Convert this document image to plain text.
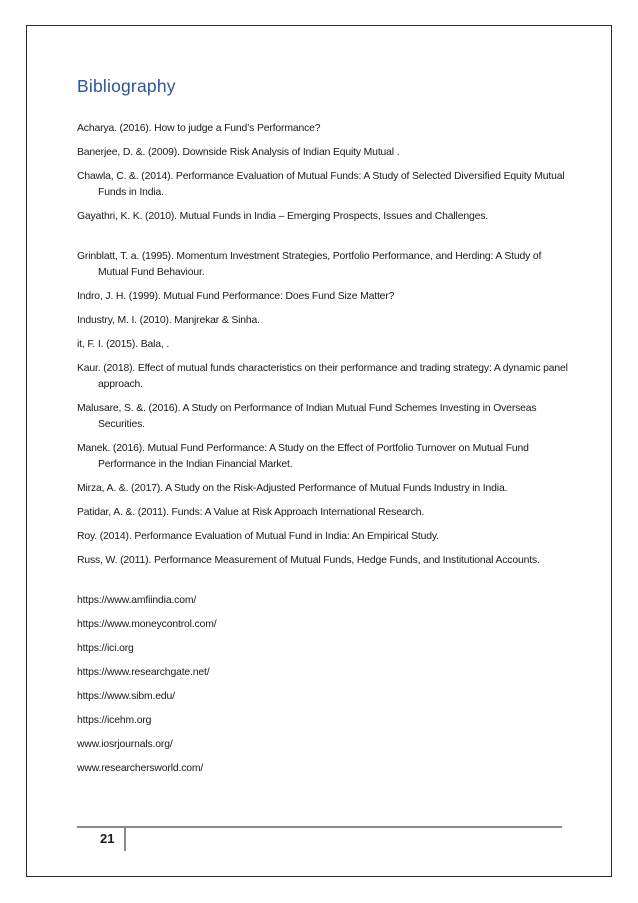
Bibliography
Acharya. (2016). How to judge a Fund’s Performance?
Banerjee, D. &. (2009). Downside Risk Analysis of Indian Equity Mutual .
Chawla, C. &. (2014). Performance Evaluation of Mutual Funds: A Study of Selected Diversified Equity Mutual Funds in India.
Gayathri, K. K. (2010). Mutual Funds in India – Emerging Prospects, Issues and Challenges.
Grinblatt, T. a. (1995). Momentum Investment Strategies, Portfolio Performance, and Herding: A Study of Mutual Fund Behaviour.
Indro, J. H. (1999). Mutual Fund Performance: Does Fund Size Matter?
Industry, M. I. (2010). Manjrekar & Sinha.
it, F. I. (2015). Bala, .
Kaur. (2018). Effect of mutual funds characteristics on their performance and trading strategy: A dynamic panel approach.
Malusare, S. &. (2016). A Study on Performance of Indian Mutual Fund Schemes Investing in Overseas Securities.
Manek. (2016). Mutual Fund Performance: A Study on the Effect of Portfolio Turnover on Mutual Fund Performance in the Indian Financial Market.
Mirza, A. &. (2017). A Study on the Risk-Adjusted Performance of Mutual Funds Industry in India.
Patidar, A. &. (2011). Funds: A Value at Risk Approach International Research.
Roy. (2014). Performance Evaluation of Mutual Fund in India: An Empirical Study.
Russ, W. (2011). Performance Measurement of Mutual Funds, Hedge Funds, and Institutional Accounts.
https://www.amfiindia.com/
https://www.moneycontrol.com/
https://ici.org
https://www.researchgate.net/
https://www.sibm.edu/
https://icehm.org
www.iosrjournals.org/
www.researchersworld.com/
21
